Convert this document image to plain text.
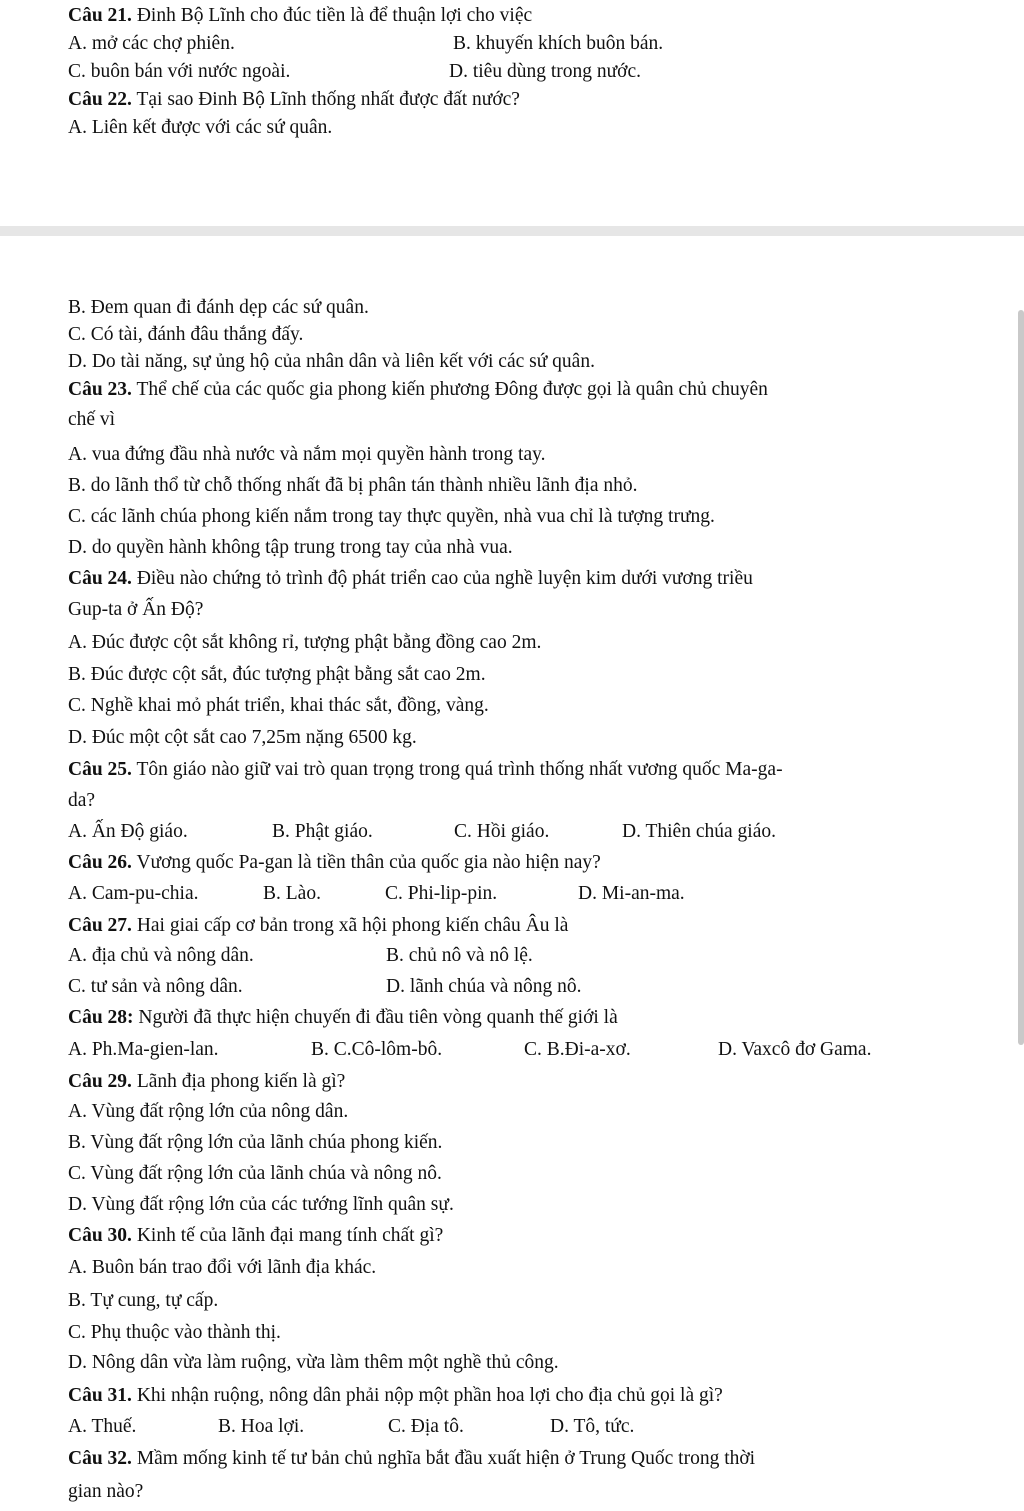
Câu 21. Đinh Bộ Lĩnh cho đúc tiền là để thuận lợi cho việc

A. mở các chợ phiên.	B. khuyến khích buôn bán.
C. buôn bán với nước ngoài.	D. tiêu dùng trong nước.

Câu 22. Tại sao Đinh Bộ Lĩnh thống nhất được đất nước?

A. Liên kết được với các sứ quân.

B. Đem quan đi đánh dẹp các sứ quân.

C. Có tài, đánh đâu thắng đấy.

D. Do tài năng, sự ủng hộ của nhân dân và liên kết với các sứ quân.

Câu 23. Thể chế của các quốc gia phong kiến phương Đông được gọi là quân chủ chuyên

chế vì

A. vua đứng đầu nhà nước và nắm mọi quyền hành trong tay.

B. do lãnh thổ từ chỗ thống nhất đã bị phân tán thành nhiều lãnh địa nhỏ.

C. các lãnh chúa phong kiến nắm trong tay thực quyền, nhà vua chỉ là tượng trưng.

D. do quyền hành không tập trung trong tay của nhà vua.

Câu 24. Điều nào chứng tỏ trình độ phát triển cao của nghề luyện kim dưới vương triều

Gup-ta ở Ấn Độ?

A. Đúc được cột sắt không rỉ, tượng phật bằng đồng cao 2m.

B. Đúc được cột sắt, đúc tượng phật bằng sắt cao 2m.

C. Nghề khai mỏ phát triển, khai thác sắt, đồng, vàng.

D. Đúc một cột sắt cao 7,25m nặng 6500 kg.

Câu 25. Tôn giáo nào giữ vai trò quan trọng trong quá trình thống nhất vương quốc Ma-ga-

da?

A. Ấn Độ giáo.	B. Phật giáo.	C. Hồi giáo.	D. Thiên chúa giáo.

Câu 26. Vương quốc Pa-gan là tiền thân của quốc gia nào hiện nay?

A. Cam-pu-chia.	B. Lào.	C. Phi-lip-pin.	D. Mi-an-ma.

Câu 27. Hai giai cấp cơ bản trong xã hội phong kiến châu Âu là

A. địa chủ và nông dân.	B. chủ nô và nô lệ.
C. tư sản và nông dân.	D. lãnh chúa và nông nô.

Câu 28: Người đã thực hiện chuyến đi đầu tiên vòng quanh thế giới là

A. Ph.Ma-gien-lan.	B. C.Cô-lôm-bô.	C. B.Đi-a-xơ.	D. Vaxcô đơ Gama.

Câu 29. Lãnh địa phong kiến là gì?

A. Vùng đất rộng lớn của nông dân.

B. Vùng đất rộng lớn của lãnh chúa phong kiến.

C. Vùng đất rộng lớn của lãnh chúa và nông nô.

D. Vùng đất rộng lớn của các tướng lĩnh quân sự.

Câu 30. Kinh tế của lãnh đại mang tính chất gì?

A. Buôn bán trao đổi với lãnh địa khác.

B. Tự cung, tự cấp.

C. Phụ thuộc vào thành thị.

D. Nông dân vừa làm ruộng, vừa làm thêm một nghề thủ công.

Câu 31. Khi nhận ruộng, nông dân phải nộp một phần hoa lợi cho địa chủ gọi là gì?

A. Thuế.	B. Hoa lợi.	C. Địa tô.	D. Tô, tức.

Câu 32. Mầm mống kinh tế tư bản chủ nghĩa bắt đầu xuất hiện ở Trung Quốc trong thời

gian nào?
